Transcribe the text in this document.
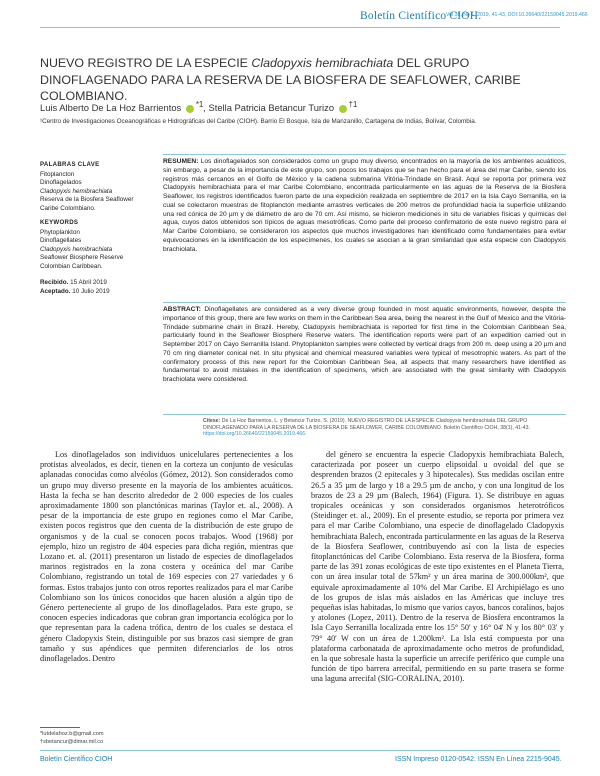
Boletín Científico CIOH.
Vol 38, No 1, 2019, 41-43, DOI:10.26640/22159045.2019.466
NUEVO REGISTRO DE LA ESPECIE Cladopyxis hemibrachiata DEL GRUPO DINOFLAGENADO PARA LA RESERVA DE LA BIOSFERA DE SEAFLOWER, CARIBE COLOMBIANO.
Luis Alberto De La Hoz Barrientos $^{*1}$, Stella Patricia Betancur Turizo $^{\dagger 1}$
¹Centro de Investigaciones Oceanográficas e Hidrográficas del Caribe (CIOH). Barrio El Bosque, Isla de Manzanillo, Cartagena de Indias, Bolívar, Colombia.
PALABRAS CLAVE
Fitoplancton
Dinoflagelados
Cladopyxis hemibrachiata
Reserva de la Biosfera Seaflower
Caribe Colombiano.
KEYWORDS
Phytoplankton
Dinoflagellates
Cladopyxis hemibrachiata
Seaflower Biosphere Reserve
Colombian Caribbean.
Recibido. 15 Abril 2019
Aceptado. 10 Julio 2019
RESUMEN: Los dinoflagelados son considerados como un grupo muy diverso, encontrados en la mayoría de los ambientes acuáticos, sin embargo, a pesar de la importancia de este grupo, son pocos los trabajos que se han hecho para el área del mar Caribe, siendo los registros más cercanos en el Golfo de México y la cadena submarina Vitória-Trindade en Brasil. Aquí se reporta por primera vez Cladopyxis hemibrachiata para el mar Caribe Colombiano, encontrada particularmente en las aguas de la Reserva de la Biosfera Seaflower, los registros identificados fueron parte de una expedición realizada en septiembre de 2017 en la Isla Cayo Serranilla, en la cual se colectaron muestras de fitoplancton mediante arrastres verticales de 200 metros de profundidad hacia la superficie utilizando una red cónica de 20 µm y de diámetro de aro de 70 cm. Así mismo, se hicieron mediciones in situ de variables físicas y químicas del agua, cuyos datos obtenidos son típicos de aguas mesotróficas. Como parte del proceso confirmatorio de este nuevo registro para el Mar Caribe Colombiano, se consideraron los aspectos que muchos investigadores han identificado como fundamentales para evitar equivocaciones en la identificación de los especímenes, los cuales se asocian a la gran similaridad que esta especie con Cladopyxis brachiolata.
ABSTRACT: Dinoflagellates are considered as a very diverse group founded in most aquatic environments, however, despite the importance of this group, there are few works on them in the Caribbean Sea area, being the nearest in the Gulf of Mexico and the Vitória-Trindade submarine chain in Brazil. Hereby, Cladopyxis hemibrachiata is reported for first time in the Colombian Caribbean Sea, particularly found in the Seaflower Biosphere Reserve waters. The identification reports were part of an expedition carried out in September 2017 on Cayo Serranilla Island. Phytoplankton samples were collected by vertical drags from 200 m. deep using a 20 µm and 70 cm ring diameter conical net. In situ physical and chemical measured variables were typical of mesotrophic waters. As part of the confirmatory process of this new report for the Colombian Caribbean Sea, all aspects that many researchers have identified as fundamental to avoid mistakes in the identification of specimens, which are associated with the great similarity with Cladopyxis brachiolata were considered.
Citese: De La Hoz Barrientos, L. y Betancur Turizo, S. (2019). NUEVO REGISTRO DE LA ESPECIE Cladopyxis hemibrachiata DEL GRUPO DINOFLAGENADO PARA LA RESERVA DE LA BIOSFERA DE SEAFLOWER, CARIBE COLOMBIANO. Boletín Científico CIOH, 38(1), 41-43. https://doi.org/10.26640/22159045.2019.466.
Los dinoflagelados son individuos unicelulares pertenecientes a los protistas alveolados, es decir, tienen en la corteza un conjunto de vesículas aplanadas conocidas como alvéolos (Gómez, 2012). Son considerados como un grupo muy diverso presente en la mayoría de los ambientes acuáticos. Hasta la fecha se han descrito alrededor de 2 000 especies de los cuales aproximadamente 1800 son planctónicas marinas (Taylor et. al., 2008). A pesar de la importancia de este grupo en regiones como el Mar Caribe, existen pocos registros que den cuenta de la distribución de este grupo de organismos y de la cual se conocen pocos trabajos. Wood (1968) por ejemplo, hizo un registro de 404 especies para dicha región, mientras que Lozano et. al. (2011) presentaron un listado de especies de dinoflagelados marinos registrados en la zona costera y oceánica del mar Caribe Colombiano, registrando un total de 169 especies con 27 variedades y 6 formas. Estos trabajos junto con otros reportes realizados para el mar Caribe Colombiano son los únicos conocidos que hacen alusión a algún tipo de Género perteneciente al grupo de los dinoflagelados. Para este grupo, se conocen especies indicadoras que cobran gran importancia ecológica por lo que representan para la cadena trófica, dentro de los cuales se destaca el género Cladopyxis Stein, distinguible por sus brazos casi siempre de gran tamaño y sus apéndices que permiten diferenciarlos de los otros dinoflagelados. Dentro
del género se encuentra la especie Cladopyxis hemibrachiata Balech, caracterizada por poseer un cuerpo elipsoidal u ovoidal del que se desprenden brazos (2 epitecales y 3 hipotecales). Sus medidas oscilan entre 26.5 a 35 µm de largo y 18 a 29.5 µm de ancho, y con una longitud de los brazos de 23 a 29 µm (Balech, 1964) (Figura. 1). Se distribuye en aguas tropicales oceánicas y son considerados organismos heterotróficos (Steidinger et. al., 2009). En el presente estudio, se reporta por primera vez para el mar Caribe Colombiano, una especie de dinoflagelado Cladopyxis hemibrachiata Balech, encontrada particularmente en las aguas de la Reserva de la Biosfera Seaflower, contribuyendo así con la lista de especies fitoplanctónicas del Caribe Colombiano. Esta reserva de la Biosfera, forma parte de las 391 zonas ecológicas de este tipo existentes en el Planeta Tierra, con un área insular total de 57km² y un área marina de 300.000km², que equivale aproximadamente al 10% del Mar Caribe. El Archipiélago es uno de los grupos de islas más aislados en las Américas que incluye tres pequeñas islas habitadas, lo mismo que varios cayos, bancos coralinos, bajos y atolones (Lopez, 2011). Dentro de la reserva de Biosfera encontramos la Isla Cayo Serranilla localizada entre los 15° 50' y 16° 04' N y los 80° 03' y 79° 40' W con un área de 1.200km². La Isla está compuesta por una plataforma carbonatada de aproximadamente ocho metros de profundidad, en la que sobresale hasta la superficie un arrecife periférico que cumple una función de tipo barrera arrecifal, permitiendo en su parte trasera se forme una laguna arrecifal (SIG-CORALINA, 2010).
*lutdelahoz.b@gmail.com
†sbetancur@dimar.mil.co
Boletín Científico CIOH	ISSN Impreso 0120-0542. ISSN En Línea 2215-9045.
